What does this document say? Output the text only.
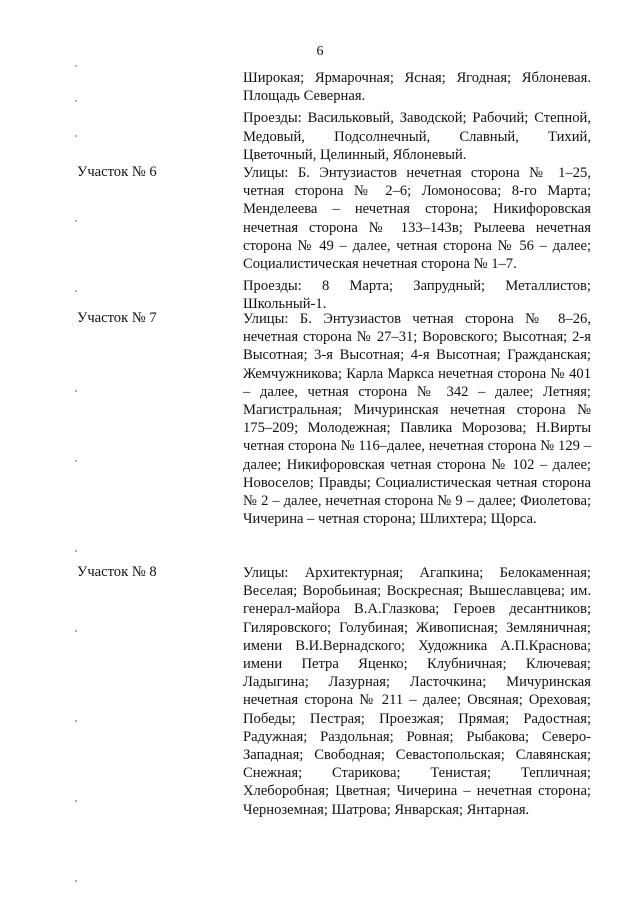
6

Широкая; Ярмарочная; Ясная; Ягодная; Яблоневая. Площадь Северная.

Проезды: Васильковый, Заводской; Рабочий; Степной, Медовый, Подсолнечный, Славный, Тихий, Цветочный, Целинный, Яблоневый.

Участок № 6	Улицы: Б. Энтузиастов нечетная сторона № 1–25, четная сторона № 2–6; Ломоносова; 8-го Марта; Менделеева – нечетная сторона; Никифоровская нечетная сторона № 133–143в; Рылеева нечетная сторона № 49 – далее, четная сторона № 56 – далее; Социалистическая нечетная сторона № 1–7.

Проезды: 8 Марта; Запрудный; Металлистов; Школьный-1.

Участок № 7	Улицы: Б. Энтузиастов четная сторона № 8–26, нечетная сторона № 27–31; Воровского; Высотная; 2-я Высотная; 3-я Высотная; 4-я Высотная; Гражданская; Жемчужникова; Карла Маркса нечетная сторона № 401 – далее, четная сторона № 342 – далее; Летняя; Магистральная; Мичуринская нечетная сторона № 175–209; Молодежная; Павлика Морозова; Н.Вирты четная сторона № 116–далее, нечетная сторона № 129 – далее; Никифоровская четная сторона № 102 – далее; Новоселов; Правды; Социалистическая четная сторона № 2 – далее, нечетная сторона № 9 – далее; Фиолетова; Чичерина – четная сторона; Шлихтера; Щорса.

Участок № 8	Улицы: Архитектурная; Агапкина; Белокаменная; Веселая; Воробьиная; Воскресная; Вышеславцева; им. генерал-майора В.А.Глазкова; Героев десантников; Гиляровского; Голубиная; Живописная; Земляничная; имени В.И.Вернадского; Художника А.П.Краснова; имени Петра Яценко; Клубничная; Ключевая; Ладыгина; Лазурная; Ласточкина; Мичуринская нечетная сторона № 211 – далее; Овсяная; Ореховая; Победы; Пестрая; Проезжая; Прямая; Радостная; Радужная; Раздольная; Ровная; Рыбакова; Северо-Западная; Свободная; Севастопольская; Славянская; Снежная; Старикова; Тенистая; Тепличная; Хлеборобная; Цветная; Чичерина – нечетная сторона; Черноземная; Шатрова; Январская; Янтарная.
